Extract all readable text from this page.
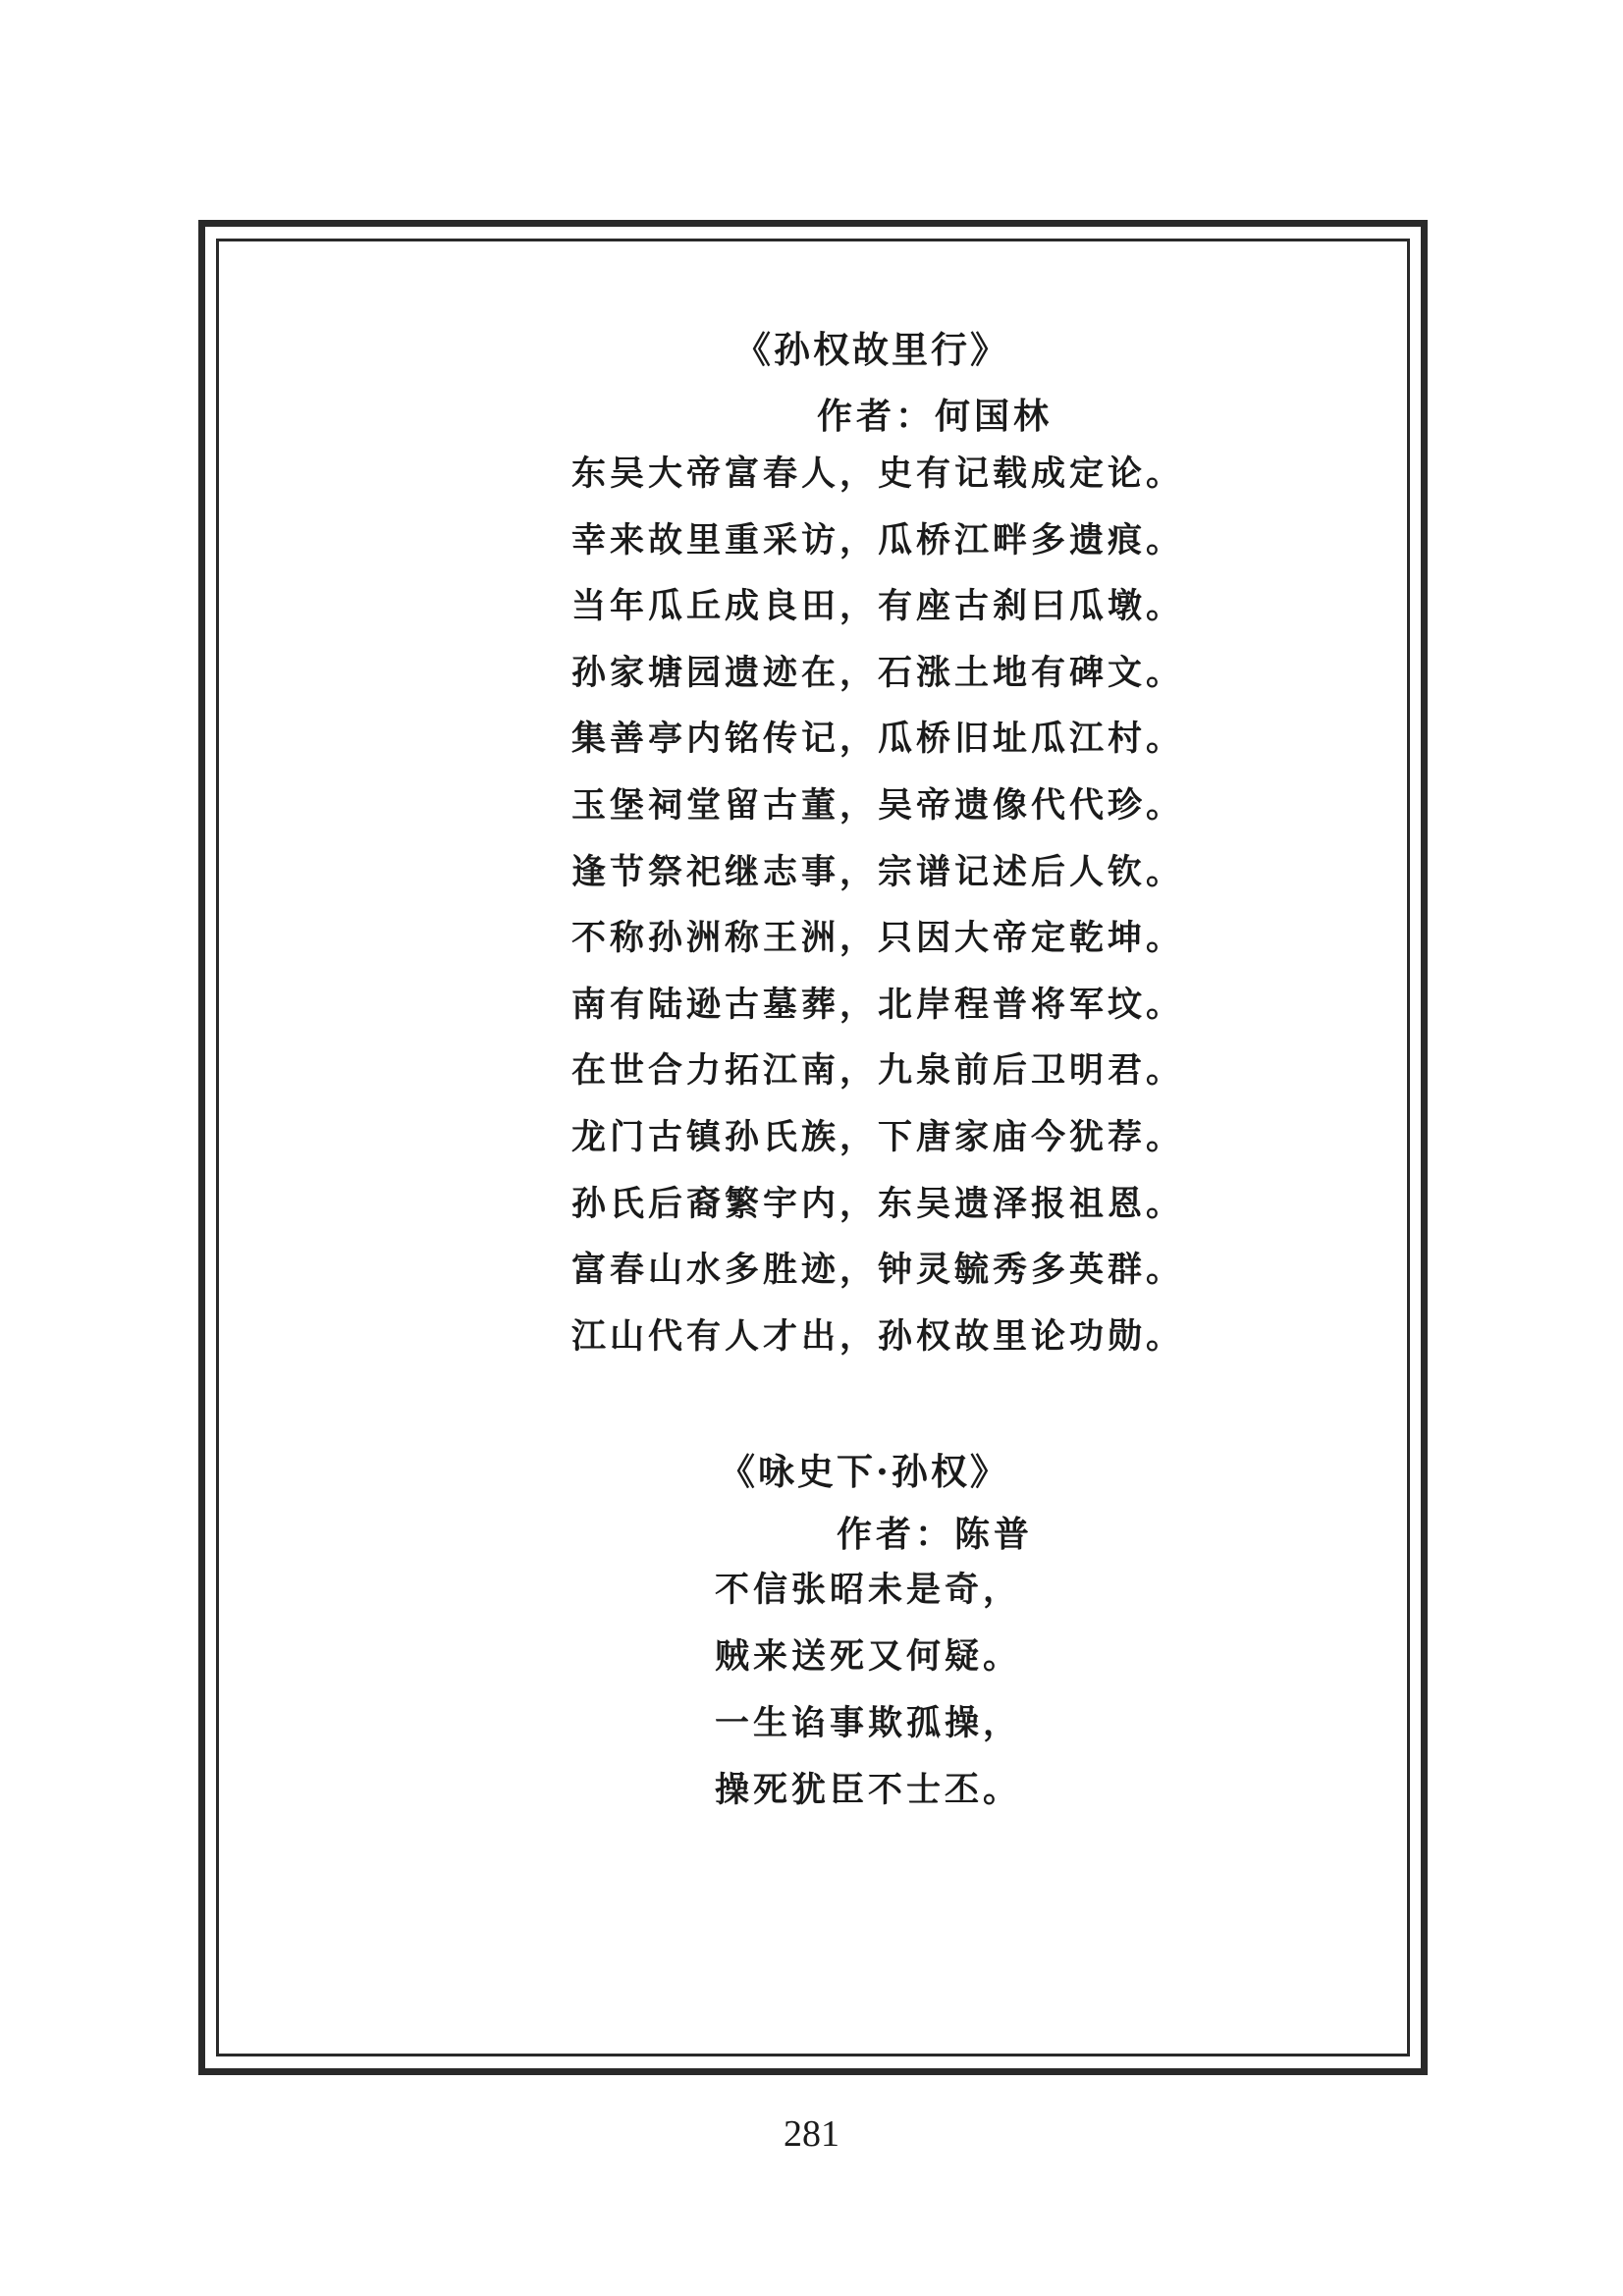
《孙权故里行》
作者：何国林
东吴大帝富春人，史有记载成定论。
幸来故里重采访，瓜桥江畔多遗痕。
当年瓜丘成良田，有座古刹曰瓜墩。
孙家塘园遗迹在，石涨土地有碑文。
集善亭内铭传记，瓜桥旧址瓜江村。
玉堡祠堂留古董，吴帝遗像代代珍。
逢节祭祀继志事，宗谱记述后人钦。
不称孙洲称王洲，只因大帝定乾坤。
南有陆逊古墓葬，北岸程普将军坟。
在世合力拓江南，九泉前后卫明君。
龙门古镇孙氏族，下唐家庙今犹荐。
孙氏后裔繁宇内，东吴遗泽报祖恩。
富春山水多胜迹，钟灵毓秀多英群。
江山代有人才出，孙权故里论功勋。
《咏史下·孙权》
作者：陈普
不信张昭未是奇，
贼来送死又何疑。
一生谄事欺孤操，
操死犹臣不士丕。
281
